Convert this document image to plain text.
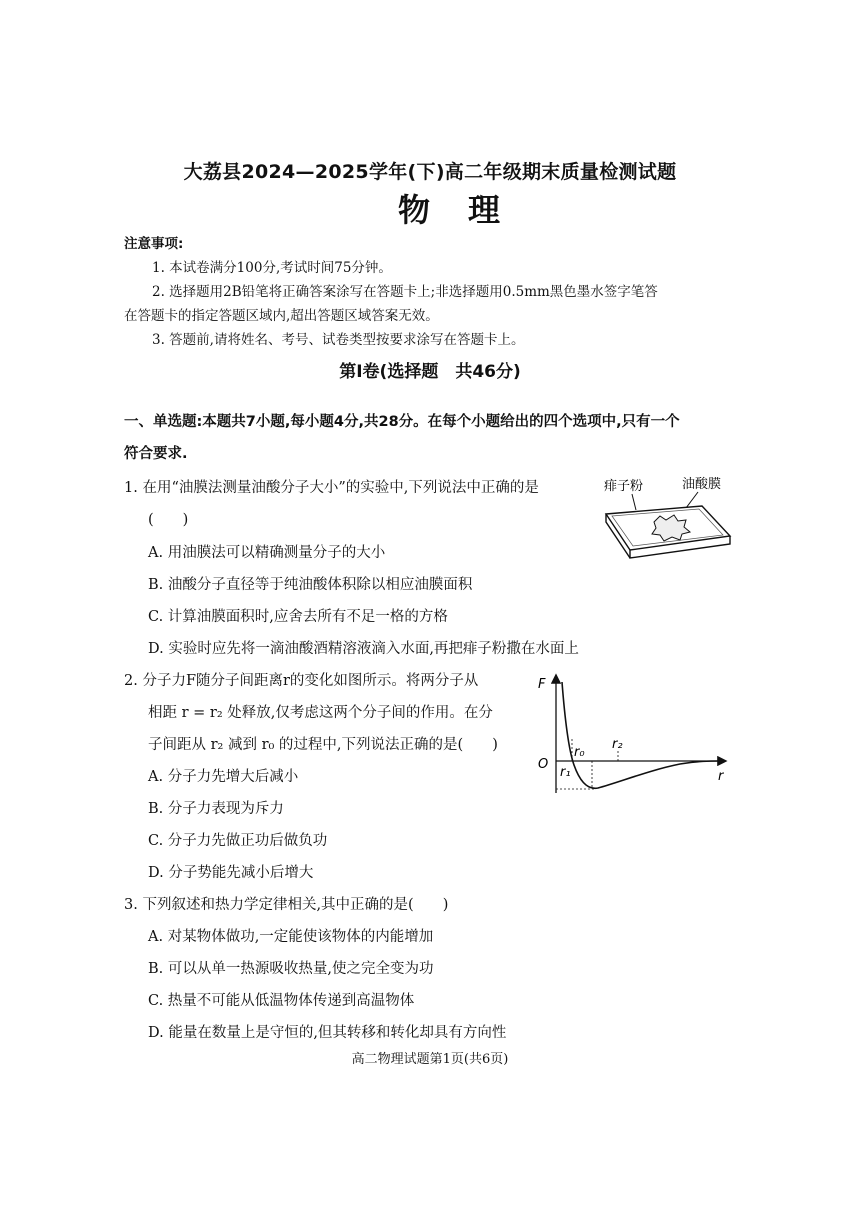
大荔县2024—2025学年(下)高二年级期末质量检测试题
物理
注意事项:
1. 本试卷满分100分,考试时间75分钟。
2. 选择题用2B铅笔将正确答案涂写在答题卡上;非选择题用0.5mm黑色墨水签字笔答
在答题卡的指定答题区域内,超出答题区域答案无效。
3. 答题前,请将姓名、考号、试卷类型按要求涂写在答题卡上。
第Ⅰ卷(选择题　共46分)
一、单选题:本题共7小题,每小题4分,共28分。在每个小题给出的四个选项中,只有一个
符合要求.
1. 在用“油膜法测量油酸分子大小”的实验中,下列说法中正确的是
(　　)
A. 用油膜法可以精确测量分子的大小
B. 油酸分子直径等于纯油酸体积除以相应油膜面积
C. 计算油膜面积时,应舍去所有不足一格的方格
D. 实验时应先将一滴油酸酒精溶液滴入水面,再把痱子粉撒在水面上
痱子粉	油酸膜
2. 分子力F随分子间距离r的变化如图所示。将两分子从
相距 r = r₂ 处释放,仅考虑这两个分子间的作用。在分
子间距从 r₂ 减到 r₀ 的过程中,下列说法正确的是(　　)
A. 分子力先增大后减小
B. 分子力表现为斥力
C. 分子力先做正功后做负功
D. 分子势能先减小后增大
F
O
r
r₀
r₁
r₂
3. 下列叙述和热力学定律相关,其中正确的是(　　)
A. 对某物体做功,一定能使该物体的内能增加
B. 可以从单一热源吸收热量,使之完全变为功
C. 热量不可能从低温物体传递到高温物体
D. 能量在数量上是守恒的,但其转移和转化却具有方向性
高二物理试题第1页(共6页)
